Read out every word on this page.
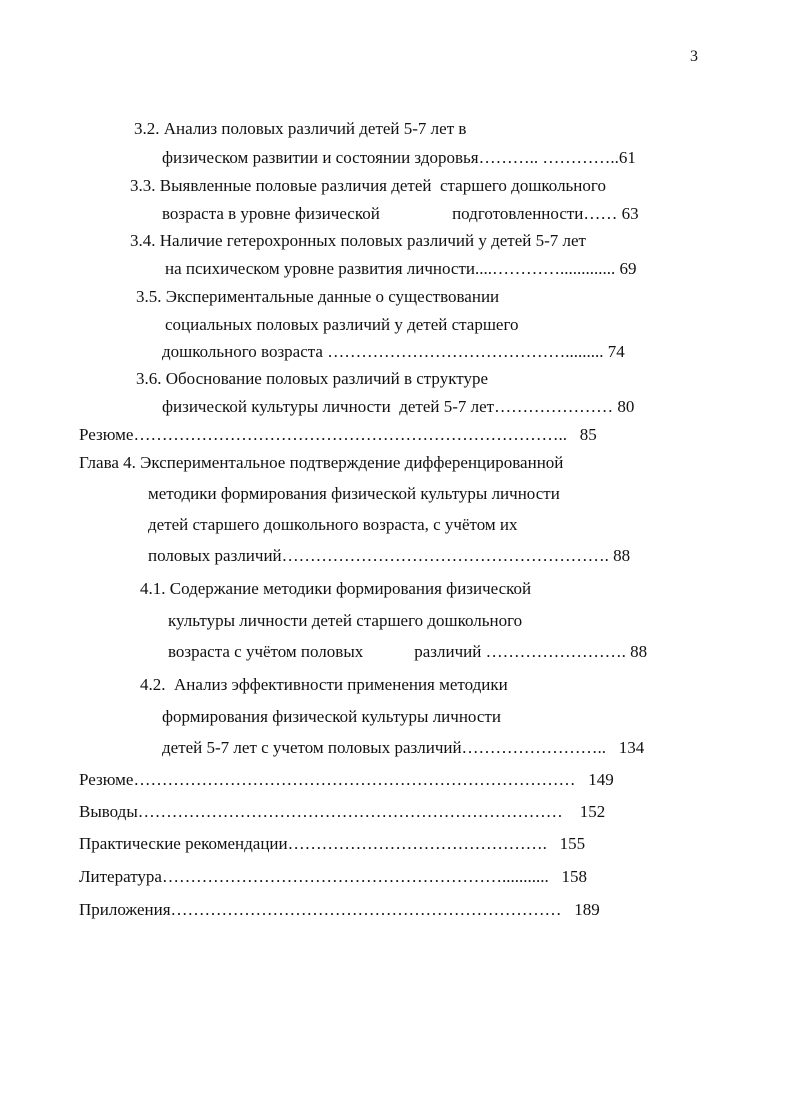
3
3.2. Анализ половых различий детей 5-7 лет в
физическом развитии и состоянии здоровья……….. …………..61
3.3. Выявленные половые различия детей  старшего дошкольного
возраста в уровне физической                 подготовленности…… 63
3.4. Наличие гетерохронных половых различий у детей 5-7 лет
на психическом уровне развития личности....…………............. 69
3.5. Экспериментальные данные о существовании
социальных половых различий у детей старшего
дошкольного возраста ……………………………………......... 74
3.6. Обоснование половых различий в структуре
физической культуры личности  детей 5-7 лет………………… 80
Резюме…………………………………………………………………..   85
Глава 4. Экспериментальное подтверждение дифференцированной
методики формирования физической культуры личности
детей старшего дошкольного возраста, с учётом их
половых различий…………………………………………………. 88
4.1. Содержание методики формирования физической
культуры личности детей старшего дошкольного
возраста с учётом половых            различий ……………………. 88
4.2.  Анализ эффективности применения методики
формирования физической культуры личности
детей 5-7 лет с учетом половых различий……………………..   134
Резюме……………………………………………………………………   149
Выводы…………………………………………………………………    152
Практические рекомендации……………………………………….   155
Литература……………………………………………………...........   158
Приложения……………………………………………………………   189
